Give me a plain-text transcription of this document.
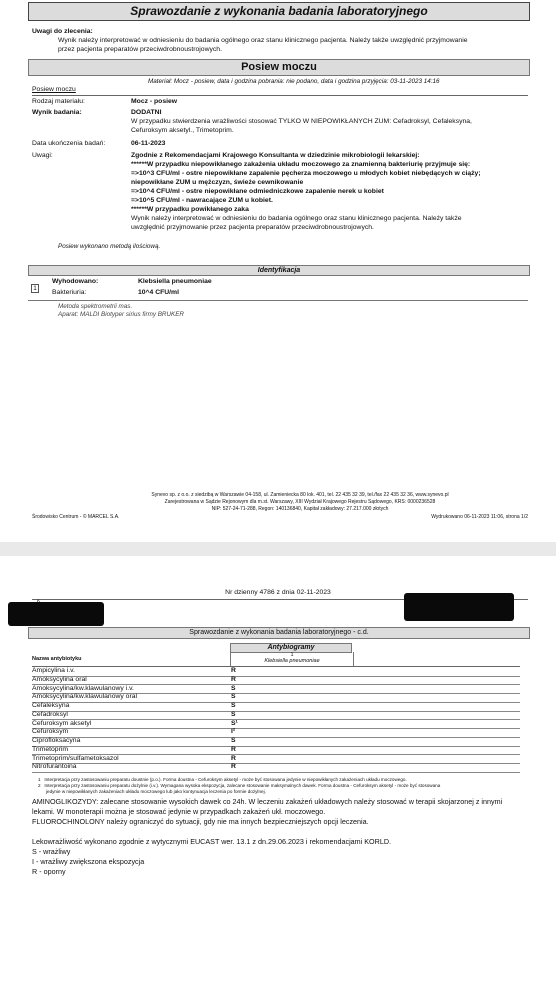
Sprawozdanie z wykonania badania laboratoryjnego
Uwagi do zlecenia:
Wynik należy interpretować w odniesieniu do badania ogólnego oraz stanu klinicznego pacjenta. Należy także uwzględnić przyjmowanie
przez pacjenta preparatów przeciwdrobnoustrojowych.
Posiew moczu
Materiał: Mocz - posiew, data i godzina pobrania: nie podano, data i godzina przyjęcia: 03-11-2023 14:16
Posiew moczu
Rodzaj materiału:	Mocz - posiew
Wynik badania:	DODATNI
W przypadku stwierdzenia wrażliwości stosować TYLKO W NIEPOWIKŁANYCH ZUM: Cefadroksyl, Cefaleksyna,
Cefuroksym aksetyl., Trimetoprim.
Data ukończenia badań:	06-11-2023
Uwagi:	Zgodnie z Rekomendacjami Krajowego Konsultanta w dziedzinie mikrobiologii lekarskiej:
******W przypadku niepowikłanego zakażenia układu moczowego za znamienną bakteriurię przyjmuje się:
=>10^3 CFU/ml - ostre niepowikłane zapalenie pęcherza moczowego u młodych kobiet niebędących w ciąży;
niepowikłane ZUM u mężczyzn, świeże cewnikowanie
=>10^4 CFU/ml - ostre niepowikłane odmiedniczkowe zapalenie nerek u kobiet
=>10^5 CFU/ml - nawracające ZUM u kobiet.
******W przypadku powikłanego zaka
Wynik należy interpretować w odniesieniu do badania ogólnego oraz stanu klinicznego pacjenta. Należy także
uwzględnić przyjmowanie przez pacjenta preparatów przeciwdrobnoustrojowych.
Posiew wykonano metodą ilościową.
Identyfikacja
1
Wyhodowano:	Klebsiella pneumoniae
Bakteriuria:	10^4 CFU/ml
Metoda spektrometrii mas.
Aparat: MALDI Biotyper sirius firmy BRUKER
Synevo sp. z o.o. z siedzibą w Warszawie 04-158, ul. Zamieniecka 80 lok. 401, tel. 22 435 32 39, tel./fax 22 435 32 36, www.synevo.pl
Zarejestrowana w Sądzie Rejonowym dla m.st. Warszawy, XIII Wydział Krajowego Rejestru Sądowego, KRS: 0000236528
NIP: 527-24-71-288, Regon: 140136840, Kapitał zakładowy: 27.217.000 złotych
Środowisko Centrum - © MARCEL S.A.	Wydrukowano 06-11-2023 11:06, strona 1/2
Nr dzienny 4786 z dnia 02-11-2023
Sprawozdanie z wykonania badania laboratoryjnego - c.d.
Antybiogramy
1
Klebsiella pneumoniae
Nazwa antybiotyku
Ampicylina i.v.	R
Amoksycylina oral	R
Amoksycylina/kw.klawulanowy i.v.	S
Amoksycylina/kw.klawulanowy oral	S
Cefaleksyna	S
Cefadroksyl	S
Cefuroksym aksetyl	S¹
Cefuroksym	I²
Ciprofloksacyna	S
Trimetoprim	R
Trimetoprim/sulfametoksazol	R
Nitrofurantoina	R
1 Interpretacja przy zastosowaniu preparatu doustnie (p.o.). Forma doustna - Cefuroksym aksetyl - może być stosowana jedynie w niepowikłanych zakażeniach układu moczowego.
2 Interpretacja przy zastosowaniu preparatu dożylnie (i.v.). Wymagana wysoka ekspozycja, zalecane stosowanie maksymalnych dawek. Forma doustna - Cefuroksym aksetyl - może być stosowana
jedynie w niepowikłanych zakażeniach układu moczowego lub jako kontynuacja leczenia po formie dożylnej.
AMINOGLIKOZYDY: zalecane stosowanie wysokich dawek co 24h. W leczeniu zakażeń układowych należy stosować w terapii skojarzonej z innymi
lekami. W monoterapii można je stosować jedynie w przypadkach zakażeń ukł. moczowego.
FLUOROCHINOLONY należy ograniczyć do sytuacji, gdy nie ma innych bezpieczniejszych opcji leczenia.
Lekowrażliwość wykonano zgodnie z wytycznymi EUCAST wer. 13.1 z dn.29.06.2023 i rekomendacjami KORLD.
S - wrażliwy
I - wrażliwy zwiększona ekspozycja
R - oporny
